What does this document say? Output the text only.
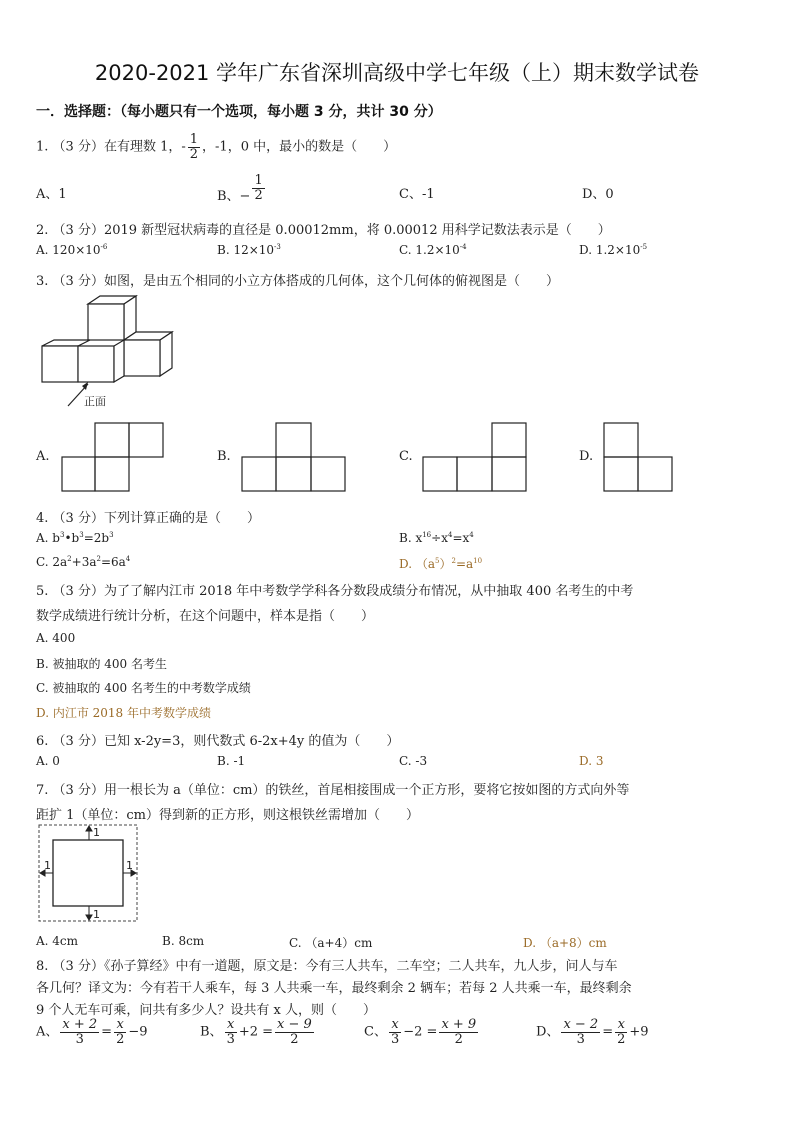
2020-2021 学年广东省深圳高级中学七年级（上）期末数学试卷
一．选择题：（每小题只有一个选项，每小题 3 分，共计 30 分）
1. （3 分）在有理数 1，- $\frac{1}{2}$ ，-1，0 中，最小的数是（　　）
A、1	B、− $\frac{1}{2}$	C、-1	D、0
2. （3 分）2019 新型冠状病毒的直径是 0.00012mm，将 0.00012 用科学记数法表示是（　　）
A. $120\times 10^{-6}$	B. $12\times 10^{-3}$	C. $1.2\times 10^{-4}$	D. $1.2\times 10^{-5}$
3. （3 分）如图，是由五个相同的小立方体搭成的几何体，这个几何体的俯视图是（　　）
正面
A.	B.	C.	D.
4. （3 分）下列计算正确的是（　　）
A. $b^3•b^3=2b^3$	B. $x^{16}\div x^4=x^4$
C. $2a^2+3a^2=6a^4$	D. $(a^5)^2=a^{10}$
5. （3 分）为了了解内江市 2018 年中考数学学科各分数段成绩分布情况，从中抽取 400 名考生的中考
数学成绩进行统计分析，在这个问题中，样本是指（　　）
A. 400
B. 被抽取的 400 名考生
C. 被抽取的 400 名考生的中考数学成绩
D. 内江市 2018 年中考数学成绩
6. （3 分）已知 x-2y=3，则代数式 6-2x+4y 的值为（　　）
A. 0	B. -1	C. -3	D. 3
7. （3 分）用一根长为 a（单位：cm）的铁丝，首尾相接围成一个正方形，要将它按如图的方式向外等
距扩 1（单位：cm）得到新的正方形，则这根铁丝需增加（　　）
1
1
1	1
A. 4cm	B. 8cm	C. （a+4）cm	D. （a+8）cm
8. （3 分）《孙子算经》中有一道题，原文是：今有三人共车，二车空；二人共车，九人步，问人与车
各几何？译文为：今有若干人乘车，每 3 人共乘一车，最终剩余 2 辆车；若每 2 人共乘一车，最终剩余
9 个人无车可乘，问共有多少人？设共有 x 人，则（　　）
A、 $\frac{x + 2}{3} = \frac{x}{2} -9$	B、 $\frac{x}{3} +2 = \frac{x - 9}{2}$	C、 $\frac{x}{3} -2 = \frac{x + 9}{2}$	D、 $\frac{x - 2}{3} = \frac{x}{2} +9$
